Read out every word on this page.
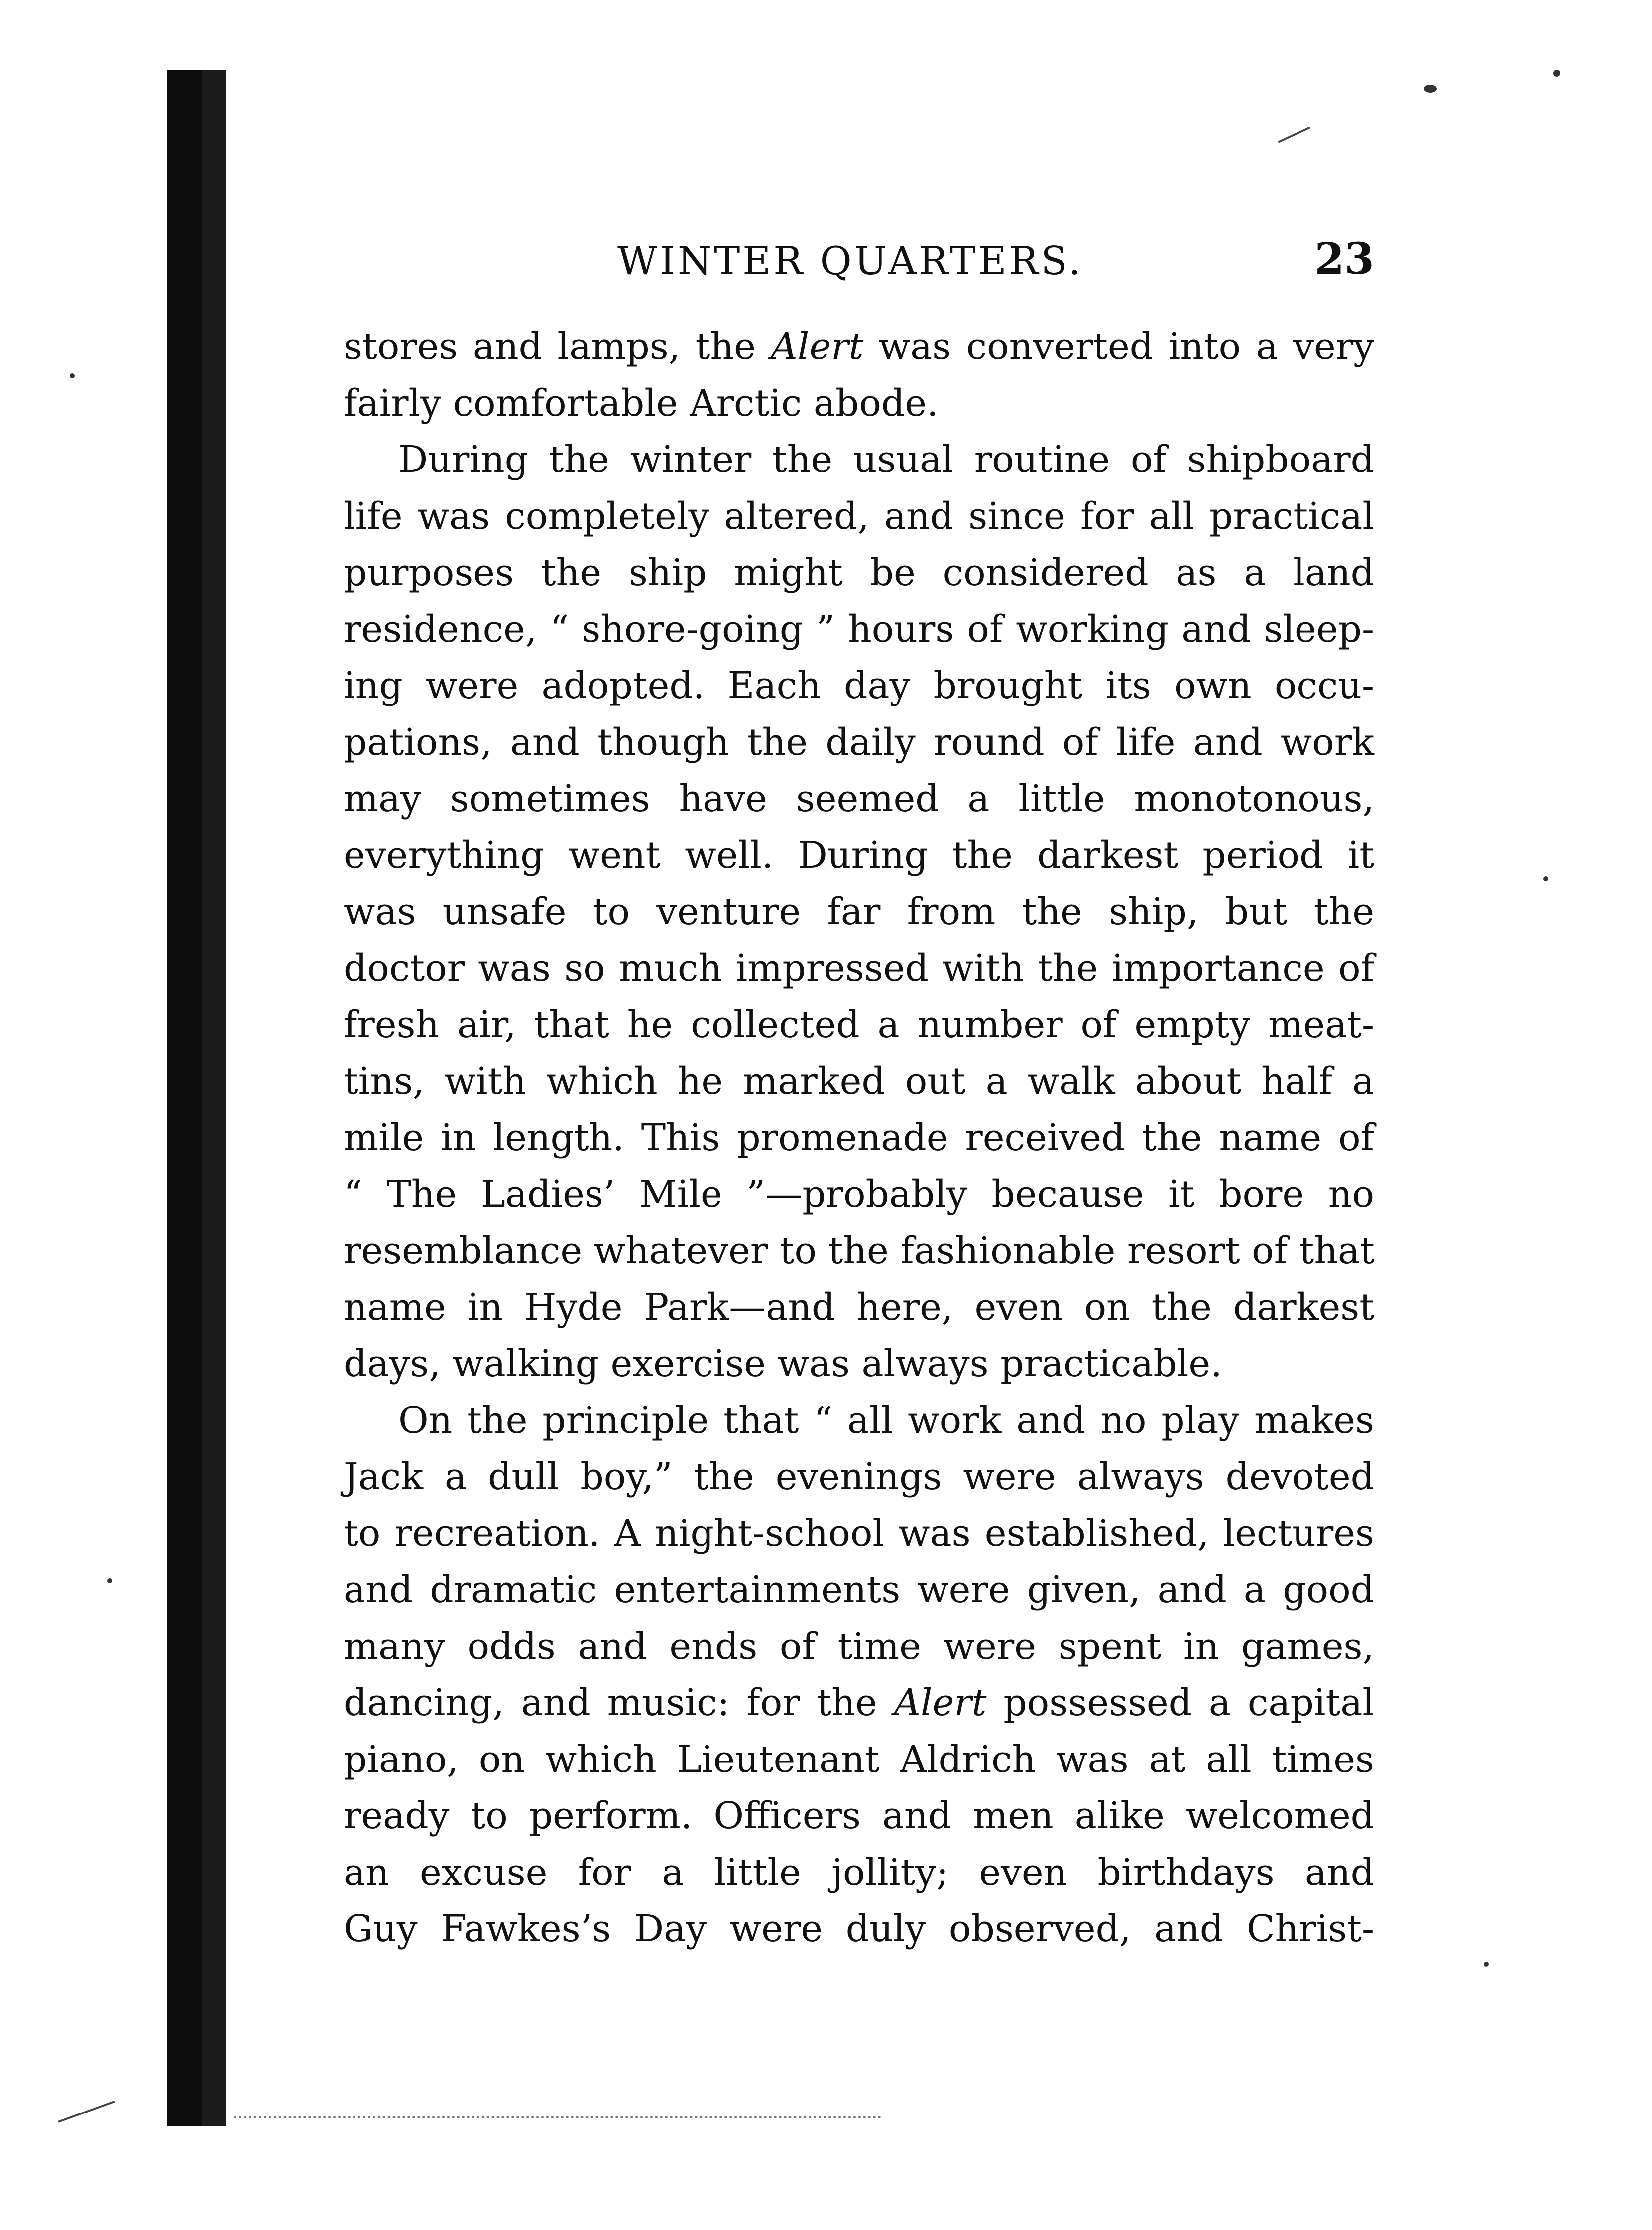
WINTER QUARTERS.	23
stores and lamps, the Alert was converted into a very
fairly comfortable Arctic abode.
During the winter the usual routine of shipboard
life was completely altered, and since for all practical
purposes the ship might be considered as a land
residence, “ shore-going ” hours of working and sleep-
ing were adopted. Each day brought its own occu-
pations, and though the daily round of life and work
may sometimes have seemed a little monotonous,
everything went well. During the darkest period it
was unsafe to venture far from the ship, but the
doctor was so much impressed with the importance of
fresh air, that he collected a number of empty meat-
tins, with which he marked out a walk about half a
mile in length. This promenade received the name of
“ The Ladies’ Mile ”—probably because it bore no
resemblance whatever to the fashionable resort of that
name in Hyde Park—and here, even on the darkest
days, walking exercise was always practicable.
On the principle that “ all work and no play makes
Jack a dull boy,” the evenings were always devoted
to recreation. A night-school was established, lectures
and dramatic entertainments were given, and a good
many odds and ends of time were spent in games,
dancing, and music: for the Alert possessed a capital
piano, on which Lieutenant Aldrich was at all times
ready to perform. Officers and men alike welcomed
an excuse for a little jollity; even birthdays and
Guy Fawkes’s Day were duly observed, and Christ-
